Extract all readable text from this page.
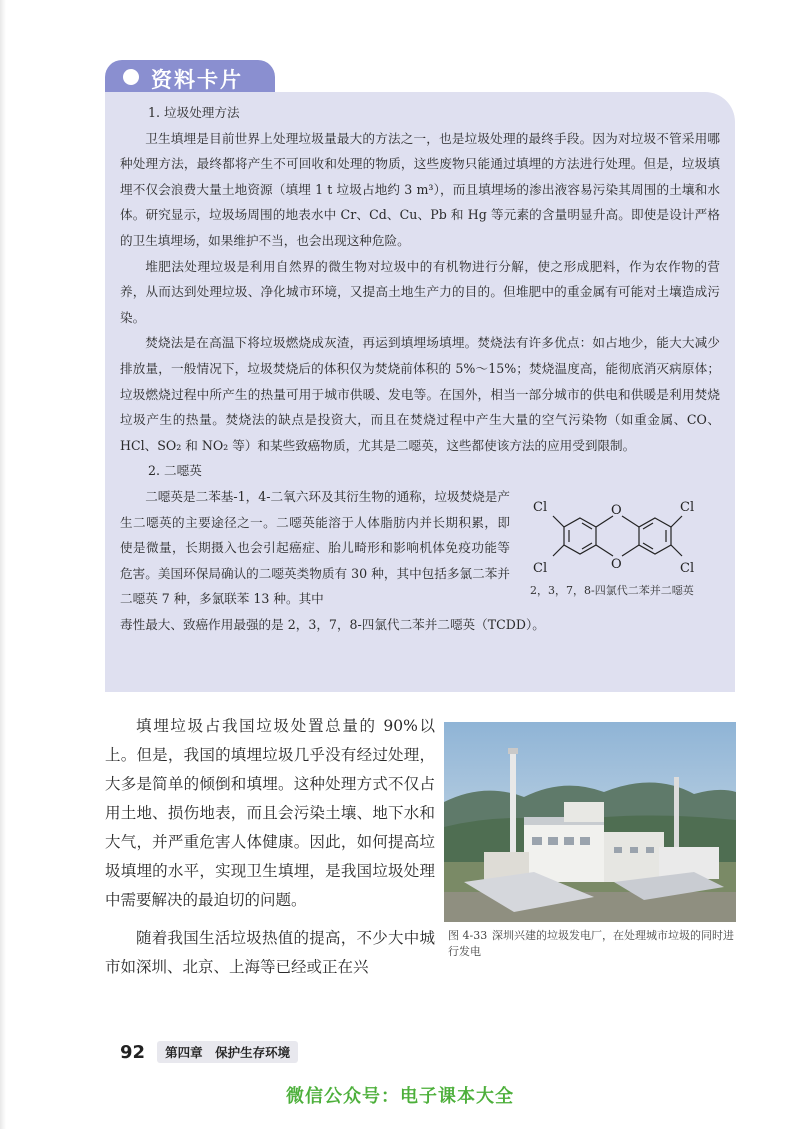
资料卡片

1. 垃圾处理方法

卫生填埋是目前世界上处理垃圾量最大的方法之一，也是垃圾处理的最终手段。因为对垃圾不管采用哪种处理方法，最终都将产生不可回收和处理的物质，这些废物只能通过填埋的方法进行处理。但是，垃圾填埋不仅会浪费大量土地资源（填埋 1 t 垃圾占地约 3 m³），而且填埋场的渗出液容易污染其周围的土壤和水体。研究显示，垃圾场周围的地表水中 Cr、Cd、Cu、Pb 和 Hg 等元素的含量明显升高。即使是设计严格的卫生填埋场，如果维护不当，也会出现这种危险。

堆肥法处理垃圾是利用自然界的微生物对垃圾中的有机物进行分解，使之形成肥料，作为农作物的营养，从而达到处理垃圾、净化城市环境，又提高土地生产力的目的。但堆肥中的重金属有可能对土壤造成污染。

焚烧法是在高温下将垃圾燃烧成灰渣，再运到填埋场填埋。焚烧法有许多优点：如占地少，能大大减少排放量，一般情况下，垃圾焚烧后的体积仅为焚烧前体积的 5%～15%；焚烧温度高，能彻底消灭病原体；垃圾燃烧过程中所产生的热量可用于城市供暖、发电等。在国外，相当一部分城市的供电和供暖是利用焚烧垃圾产生的热量。焚烧法的缺点是投资大，而且在焚烧过程中产生大量的空气污染物（如重金属、CO、HCl、SO₂ 和 NO₂ 等）和某些致癌物质，尤其是二噁英，这些都使该方法的应用受到限制。

2. 二噁英

二噁英是二苯基-1，4-二氧六环及其衍生物的通称，垃圾焚烧是产生二噁英的主要途径之一。二噁英能溶于人体脂肪内并长期积累，即使是微量，长期摄入也会引起癌症、胎儿畸形和影响机体免疫功能等危害。美国环保局确认的二噁英类物质有 30 种，其中包括多氯二苯并二噁英 7 种，多氯联苯 13 种。其中

毒性最大、致癌作用最强的是 2，3，7，8-四氯代二苯并二噁英（TCDD）。

Cl
Cl
Cl
Cl
O
O
2，3，7，8-四氯代二苯并二噁英

填埋垃圾占我国垃圾处置总量的 90%以上。但是，我国的填埋垃圾几乎没有经过处理，大多是简单的倾倒和填埋。这种处理方式不仅占用土地、损伤地表，而且会污染土壤、地下水和大气，并严重危害人体健康。因此，如何提高垃圾填埋的水平，实现卫生填埋，是我国垃圾处理中需要解决的最迫切的问题。

随着我国生活垃圾热值的提高，不少大中城市如深圳、北京、上海等已经或正在兴

图 4-33 深圳兴建的垃圾发电厂，在处理城市垃圾的同时进行发电
92	第四章　保护生存环境
微信公众号：电子课本大全
